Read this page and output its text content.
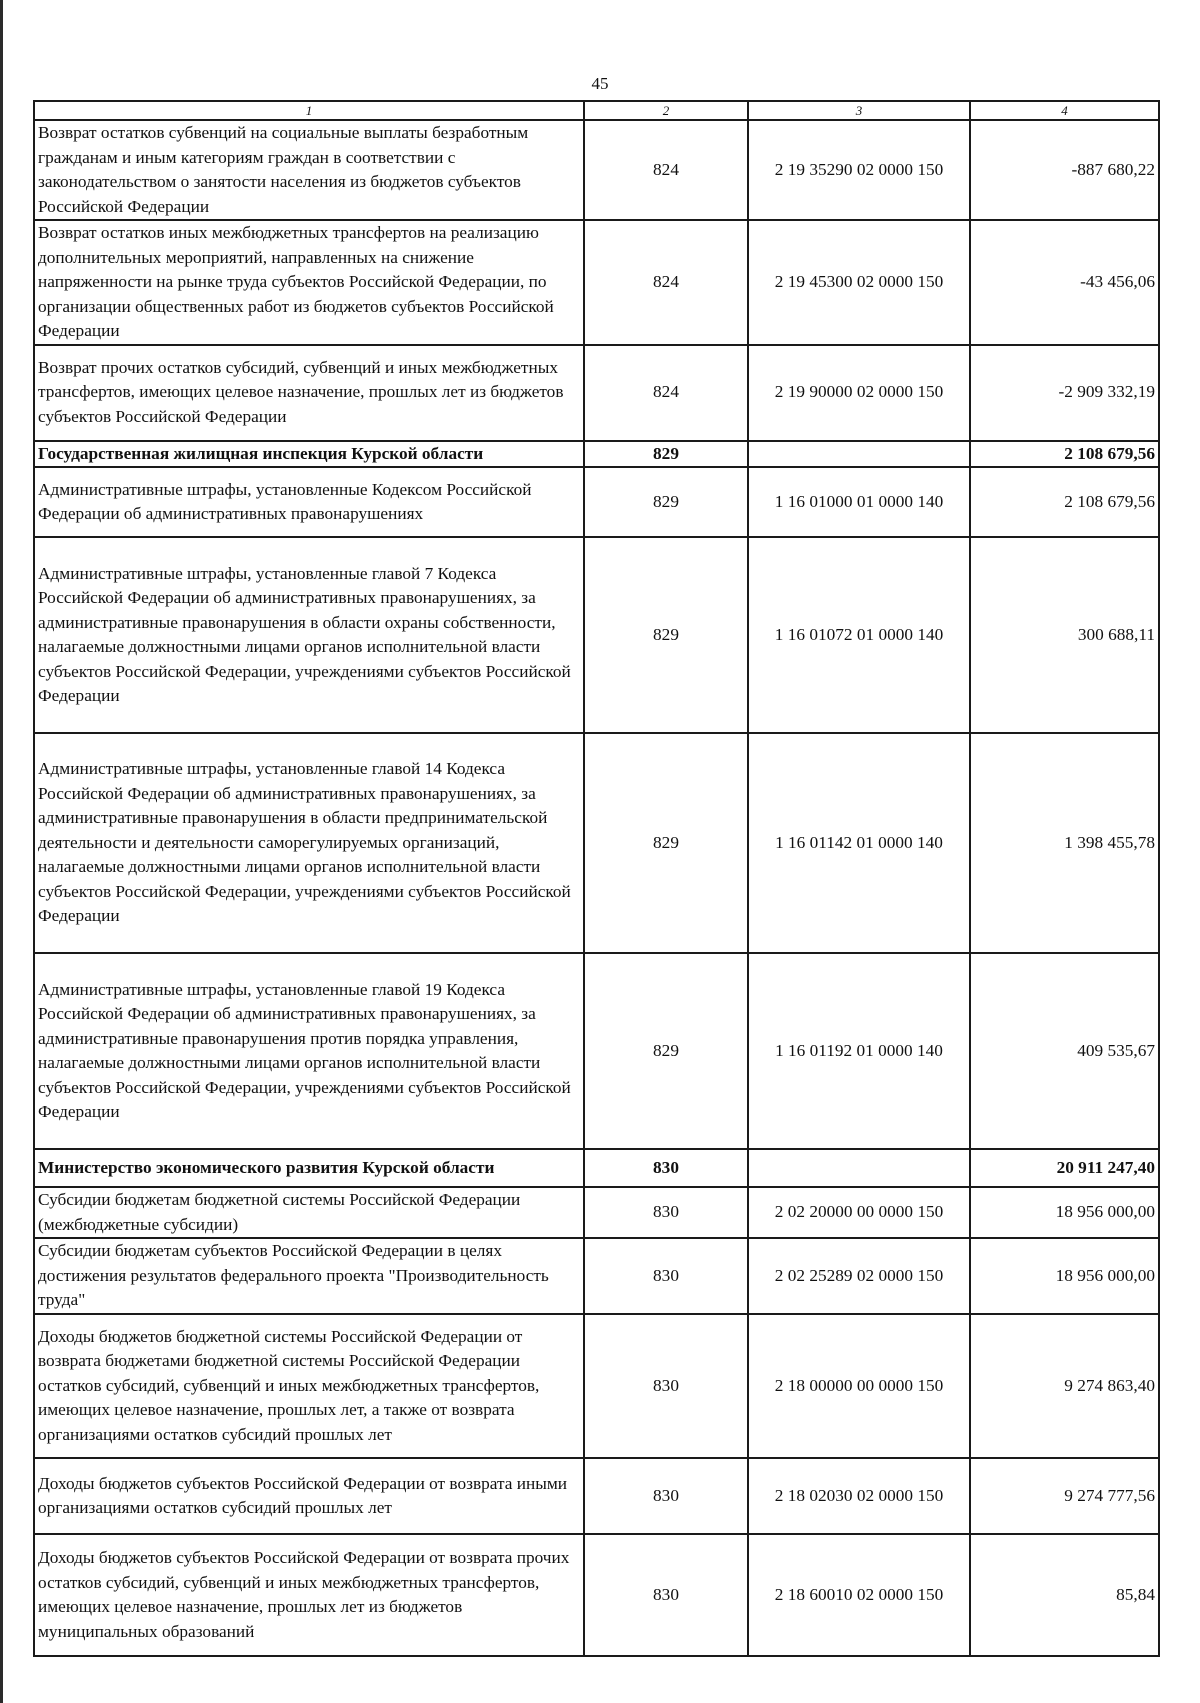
45
1	2	3	4
Возврат остатков субвенций на социальные выплаты безработным гражданам и иным категориям граждан в соответствии с законодательством о занятости населения из бюджетов субъектов Российской Федерации	824	2 19 35290 02 0000 150	-887 680,22
Возврат остатков иных межбюджетных трансфертов на реализацию дополнительных мероприятий, направленных на снижение напряженности на рынке труда субъектов Российской Федерации, по организации общественных работ из бюджетов субъектов Российской Федерации	824	2 19 45300 02 0000 150	-43 456,06
Возврат прочих остатков субсидий, субвенций и иных межбюджетных трансфертов, имеющих целевое назначение, прошлых лет из бюджетов субъектов Российской Федерации	824	2 19 90000 02 0000 150	-2 909 332,19
Государственная жилищная инспекция Курской области	829		2 108 679,56
Административные штрафы, установленные Кодексом Российской Федерации об административных правонарушениях	829	1 16 01000 01 0000 140	2 108 679,56
Административные штрафы, установленные главой 7 Кодекса Российской Федерации об административных правонарушениях, за административные правонарушения в области охраны собственности, налагаемые должностными лицами органов исполнительной власти субъектов Российской Федерации, учреждениями субъектов Российской Федерации	829	1 16 01072 01 0000 140	300 688,11
Административные штрафы, установленные главой 14 Кодекса Российской Федерации об административных правонарушениях, за административные правонарушения в области предпринимательской деятельности и деятельности саморегулируемых организаций, налагаемые должностными лицами органов исполнительной власти субъектов Российской Федерации, учреждениями субъектов Российской Федерации	829	1 16 01142 01 0000 140	1 398 455,78
Административные штрафы, установленные главой 19 Кодекса Российской Федерации об административных правонарушениях, за административные правонарушения против порядка управления, налагаемые должностными лицами органов исполнительной власти субъектов Российской Федерации, учреждениями субъектов Российской Федерации	829	1 16 01192 01 0000 140	409 535,67
Министерство экономического развития Курской области	830		20 911 247,40
Субсидии бюджетам бюджетной системы Российской Федерации (межбюджетные субсидии)	830	2 02 20000 00 0000 150	18 956 000,00
Субсидии бюджетам субъектов Российской Федерации в целях достижения результатов федерального проекта "Производительность труда"	830	2 02 25289 02 0000 150	18 956 000,00
Доходы бюджетов бюджетной системы Российской Федерации от возврата бюджетами бюджетной системы Российской Федерации остатков субсидий, субвенций и иных межбюджетных трансфертов, имеющих целевое назначение, прошлых лет, а также от возврата организациями остатков субсидий прошлых лет	830	2 18 00000 00 0000 150	9 274 863,40
Доходы бюджетов субъектов Российской Федерации от возврата иными организациями остатков субсидий прошлых лет	830	2 18 02030 02 0000 150	9 274 777,56
Доходы бюджетов субъектов Российской Федерации от возврата прочих остатков субсидий, субвенций и иных межбюджетных трансфертов, имеющих целевое назначение, прошлых лет из бюджетов муниципальных образований	830	2 18 60010 02 0000 150	85,84
